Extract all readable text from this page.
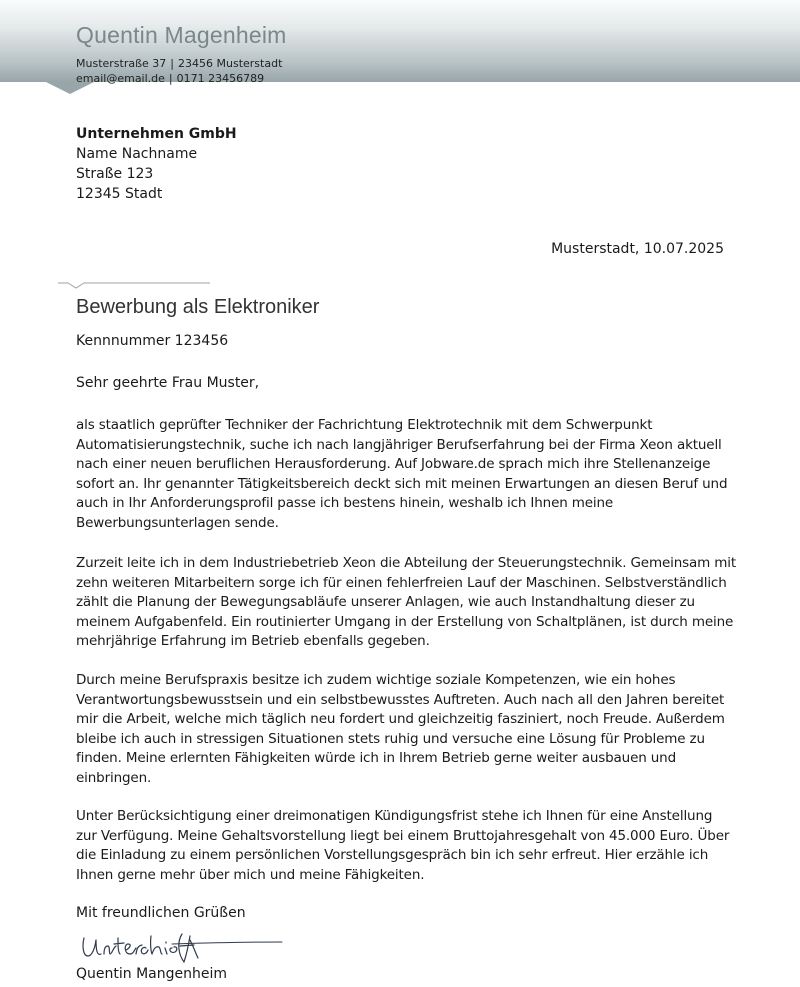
Quentin Magenheim
Musterstraße 37 | 23456 Musterstadt
email@email.de | 0171 23456789
Unternehmen GmbH
Name Nachname
Straße 123
12345 Stadt
Musterstadt, 10.07.2025
Bewerbung als Elektroniker
Kennnummer 123456
Sehr geehrte Frau Muster,

als staatlich geprüfter Techniker der Fachrichtung Elektrotechnik mit dem Schwerpunkt Automatisierungstechnik, suche ich nach langjähriger Berufserfahrung bei der Firma Xeon aktuell nach einer neuen beruflichen Herausforderung. Auf Jobware.de sprach mich ihre Stellenanzeige sofort an. Ihr genannter Tätigkeitsbereich deckt sich mit meinen Erwartungen an diesen Beruf und auch in Ihr Anforderungsprofil passe ich bestens hinein, weshalb ich Ihnen meine Bewerbungsunterlagen sende.

Zurzeit leite ich in dem Industriebetrieb Xeon die Abteilung der Steuerungstechnik. Gemeinsam mit zehn weiteren Mitarbeitern sorge ich für einen fehlerfreien Lauf der Maschinen. Selbstverständlich zählt die Planung der Bewegungsabläufe unserer Anlagen, wie auch Instandhaltung dieser zu meinem Aufgabenfeld. Ein routinierter Umgang in der Erstellung von Schaltplänen, ist durch meine mehrjährige Erfahrung im Betrieb ebenfalls gegeben.

Durch meine Berufspraxis besitze ich zudem wichtige soziale Kompetenzen, wie ein hohes Verantwortungsbewusstsein und ein selbstbewusstes Auftreten. Auch nach all den Jahren bereitet mir die Arbeit, welche mich täglich neu fordert und gleichzeitig fasziniert, noch Freude. Außerdem bleibe ich auch in stressigen Situationen stets ruhig und versuche eine Lösung für Probleme zu finden. Meine erlernten Fähigkeiten würde ich in Ihrem Betrieb gerne weiter ausbauen und einbringen.

Unter Berücksichtigung einer dreimonatigen Kündigungsfrist stehe ich Ihnen für eine Anstellung zur Verfügung. Meine Gehaltsvorstellung liegt bei einem Bruttojahresgehalt von 45.000 Euro. Über die Einladung zu einem persönlichen Vorstellungsgespräch bin ich sehr erfreut. Hier erzähle ich Ihnen gerne mehr über mich und meine Fähigkeiten.

Mit freundlichen Grüßen
Quentin Mangenheim
